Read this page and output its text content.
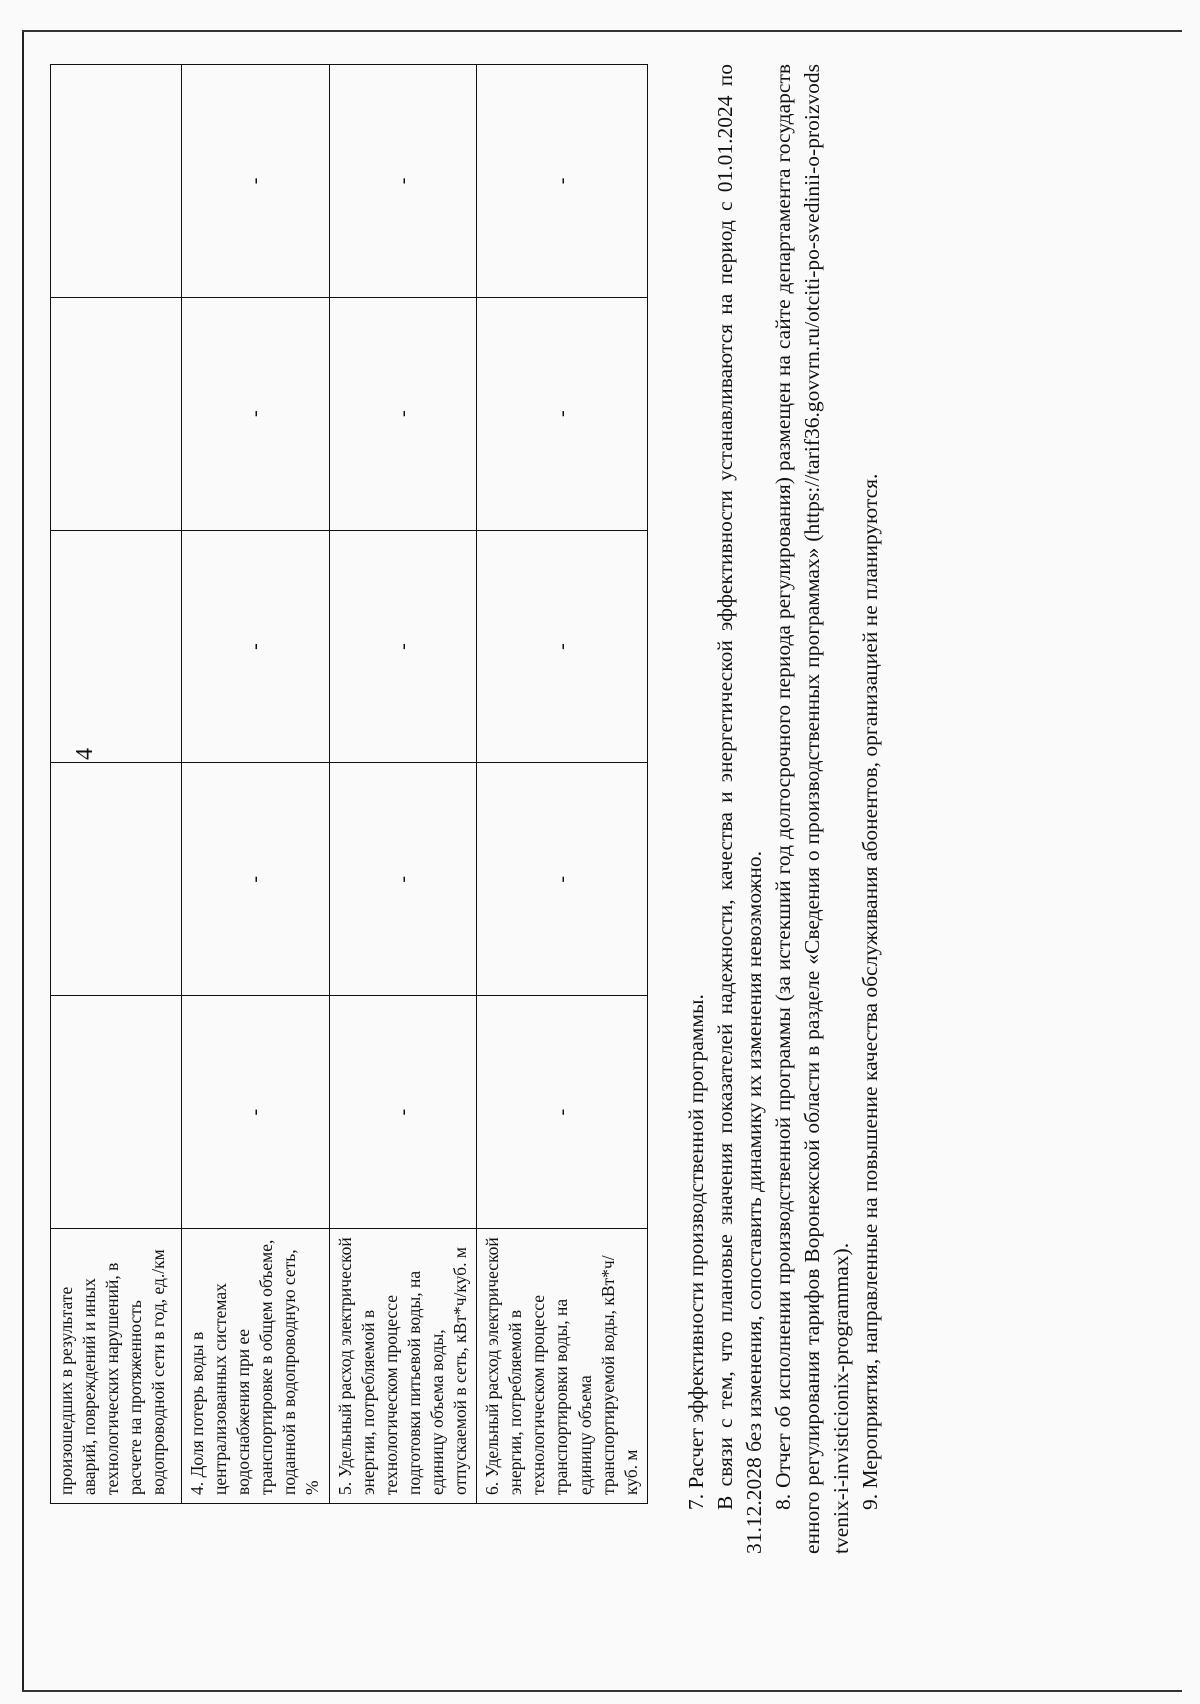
4
произошедших в результате аварий, повреждений и иных технологических нарушений, в расчете на протяженность водопроводной сети в год, ед./км					
4. Доля потерь воды в централизованных системах водоснабжения при ее транспортировке в общем объеме, поданной в водопроводную сеть, %	-	-	-	-	-
5. Удельный расход электрической энергии, потребляемой в технологическом процессе подготовки питьевой воды, на единицу объема воды, отпускаемой в сеть, кВт*ч/куб. м	-	-	-	-	-
6. Удельный расход электрической энергии, потребляемой в технологическом процессе транспортировки воды, на единицу объема транспортируемой воды, кВт*ч/куб. м	-	-	-	-	-

7. Расчет эффективности производственной программы. В связи с тем, что плановые значения показателей надежности, качества и энергетической эффективности устанавливаются на период с 01.01.2024 по 31.12.2028 без изменения, сопоставить динамику их изменения невозможно. 8. Отчет об исполнении производственной программы (за истекший год долгосрочного периода регулирования) размещен на сайте департамента государственного регулирования тарифов Воронежской области в разделе «Сведения о производственных программах» (https://tarif36.govvrn.ru/otciti-po-svedinii-o-proizvodstvenix-i-invisticionix-programmax). 9. Мероприятия, направленные на повышение качества обслуживания абонентов, организацией не планируются.
